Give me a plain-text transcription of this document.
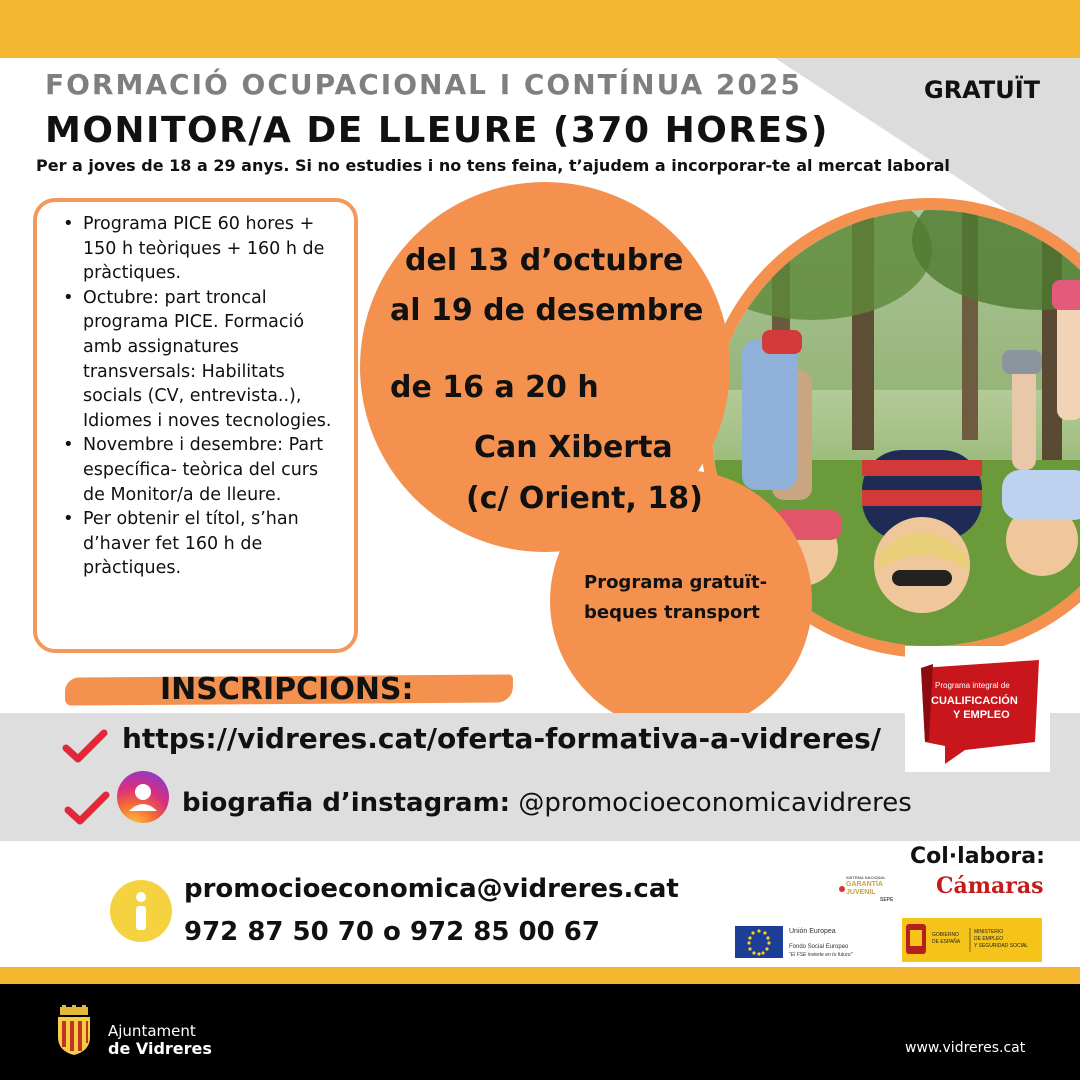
FORMACIÓ OCUPACIONAL I CONTÍNUA 2025	GRATUÏT
MONITOR/A DE LLEURE (370 HORES)
Per a joves de 18 a 29 anys. Si no estudies i no tens feina, t’ajudem a incorporar-te al mercat laboral
• Programa PICE 60 hores + 150 h teòriques + 160 h de pràctiques.
• Octubre: part troncal programa PICE. Formació amb assignatures transversals: Habilitats socials (CV, entrevista..), Idiomes i noves tecnologies.
• Novembre i desembre: Part específica- teòrica del curs de Monitor/a de lleure.
• Per obtenir el títol, s’han d’haver fet 160 h de pràctiques.
del 13 d’octubre
al 19 de desembre
de 16 a 20 h
Can Xiberta
(c/ Orient, 18)
Programa gratuït-
beques transport
INSCRIPCIONS:
https://vidreres.cat/oferta-formativa-a-vidreres/
biografia d’instagram: @promocioeconomicavidreres
Programa integral de
CUALIFICACIÓN
Y EMPLEO
Col·labora:
SISTEMA NACIONAL
GARANTÍA
JUVENIL
SEPE
Cámaras
Unión Europea
Fondo Social Europeo
"El FSE invierte en tu futuro"
GOBIERNO
DE ESPAÑA
MINISTERIO
DE EMPLEO
Y SEGURIDAD SOCIAL
promocioeconomica@vidreres.cat
972 87 50 70 o 972 85 00 67
Ajuntament
de Vidreres	www.vidreres.cat
